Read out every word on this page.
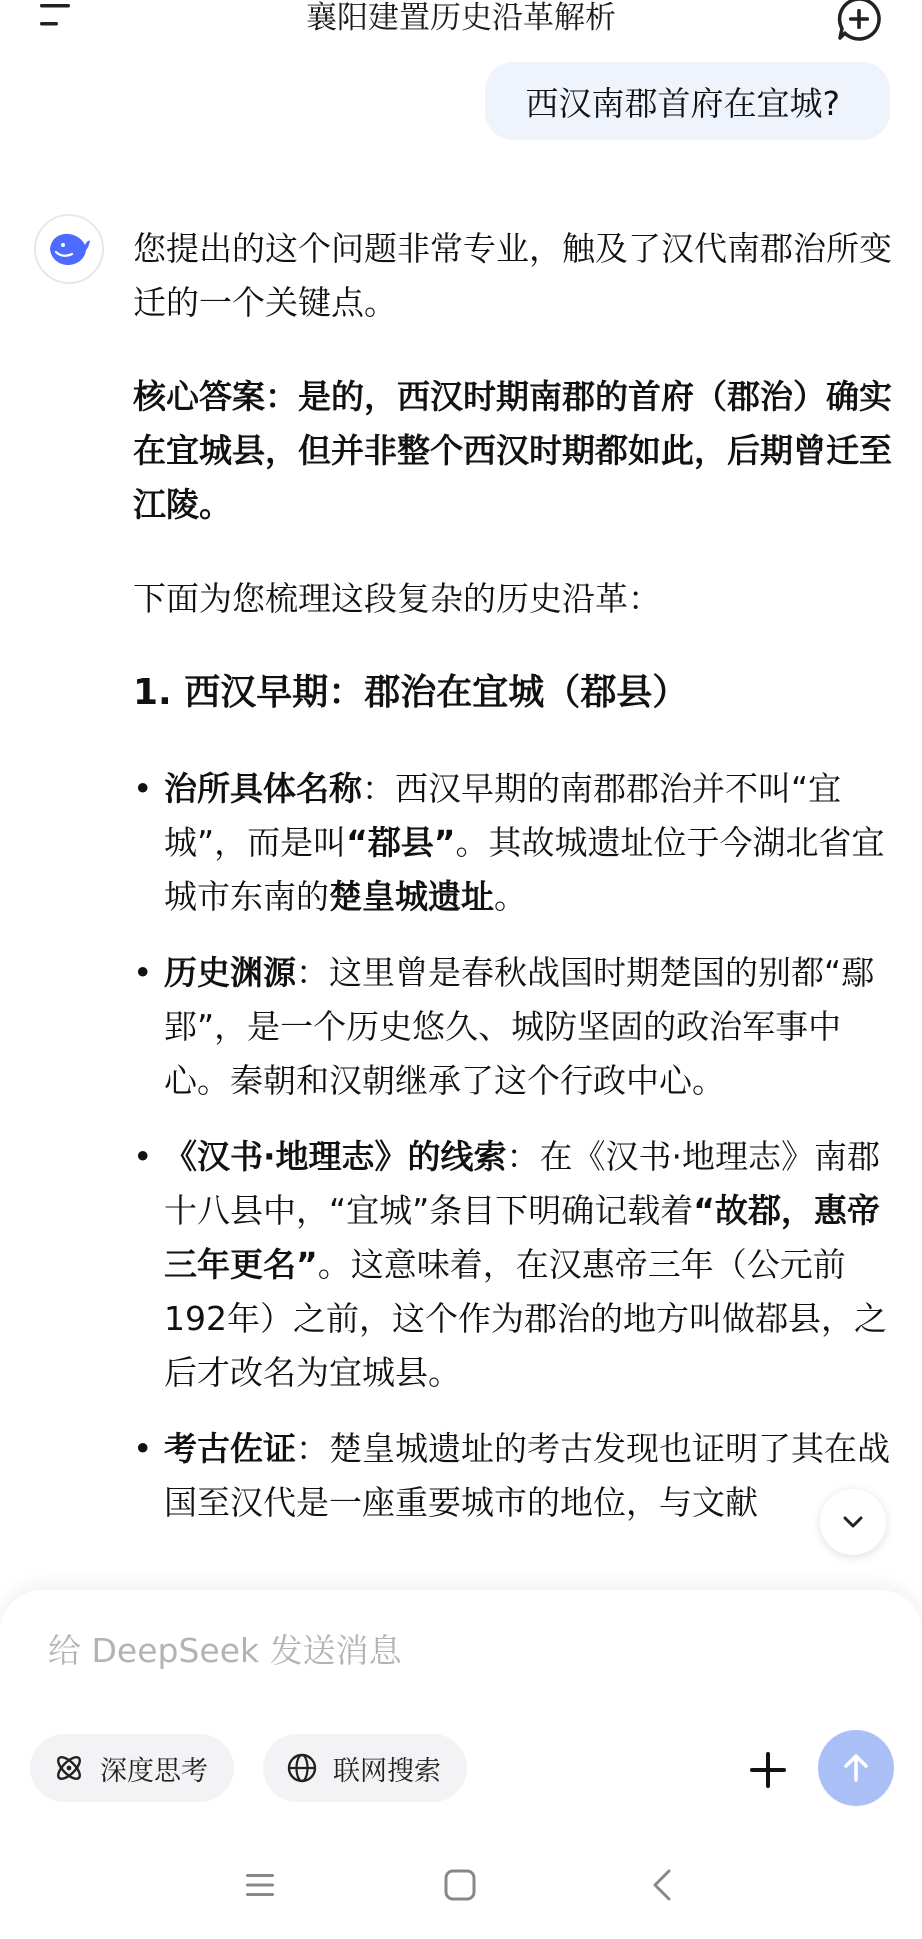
襄阳建置历史沿革解析
西汉南郡首府在宜城?

您提出的这个问题非常专业，触及了汉代南郡治所变迁的一个关键点。

核心答案：是的，西汉时期南郡的首府（郡治）确实在宜城县，但并非整个西汉时期都如此，后期曾迁至江陵。

下面为您梳理这段复杂的历史沿革：

1. 西汉早期：郡治在宜城（鄀县）

• 治所具体名称：西汉早期的南郡郡治并不叫“宜城”，而是叫“鄀县”。其故城遗址位于今湖北省宜城市东南的楚皇城遗址。
• 历史渊源：这里曾是春秋战国时期楚国的别都“鄢郢”，是一个历史悠久、城防坚固的政治军事中心。秦朝和汉朝继承了这个行政中心。
• 《汉书·地理志》的线索：在《汉书·地理志》南郡十八县中，“宜城”条目下明确记载着“故鄀，惠帝三年更名”。这意味着，在汉惠帝三年（公元前192年）之前，这个作为郡治的地方叫做鄀县，之后才改名为宜城县。
• 考古佐证：楚皇城遗址的考古发现也证明了其在战国至汉代是一座重要城市的地位，与文献
给 DeepSeek 发送消息
深度思考	联网搜索
